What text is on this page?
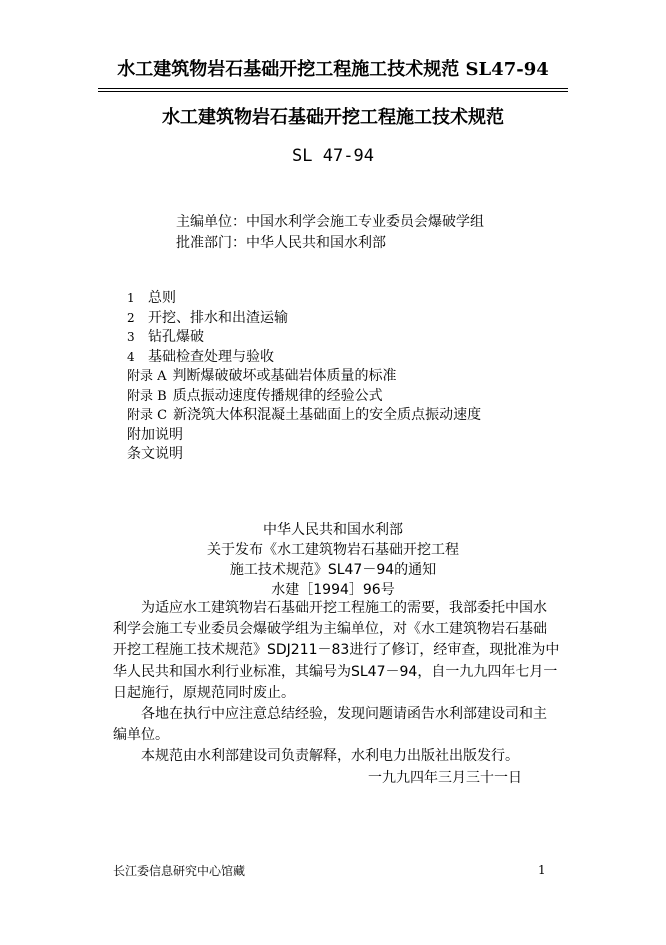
水工建筑物岩石基础开挖工程施工技术规范 SL47-94
水工建筑物岩石基础开挖工程施工技术规范
SL 47-94
主编单位：中国水利学会施工专业委员会爆破学组
批准部门：中华人民共和国水利部
1 总则
2 开挖、排水和出渣运输
3 钻孔爆破
4 基础检查处理与验收
附录 A 判断爆破破坏或基础岩体质量的标准
附录 B 质点振动速度传播规律的经验公式
附录 C 新浇筑大体积混凝土基础面上的安全质点振动速度
附加说明
条文说明
中华人民共和国水利部
关于发布《水工建筑物岩石基础开挖工程
施工技术规范》SL47－94的通知
水建［1994］96号
　　为适应水工建筑物岩石基础开挖工程施工的需要，我部委托中国水
利学会施工专业委员会爆破学组为主编单位，对《水工建筑物岩石基础
开挖工程施工技术规范》SDJ211－83进行了修订，经审查，现批准为中
华人民共和国水利行业标准，其编号为SL47－94，自一九九四年七月一
日起施行，原规范同时废止。
　　各地在执行中应注意总结经验，发现问题请函告水利部建设司和主
编单位。
　　本规范由水利部建设司负责解释，水利电力出版社出版发行。
一九九四年三月三十一日
长江委信息研究中心馆藏	1
